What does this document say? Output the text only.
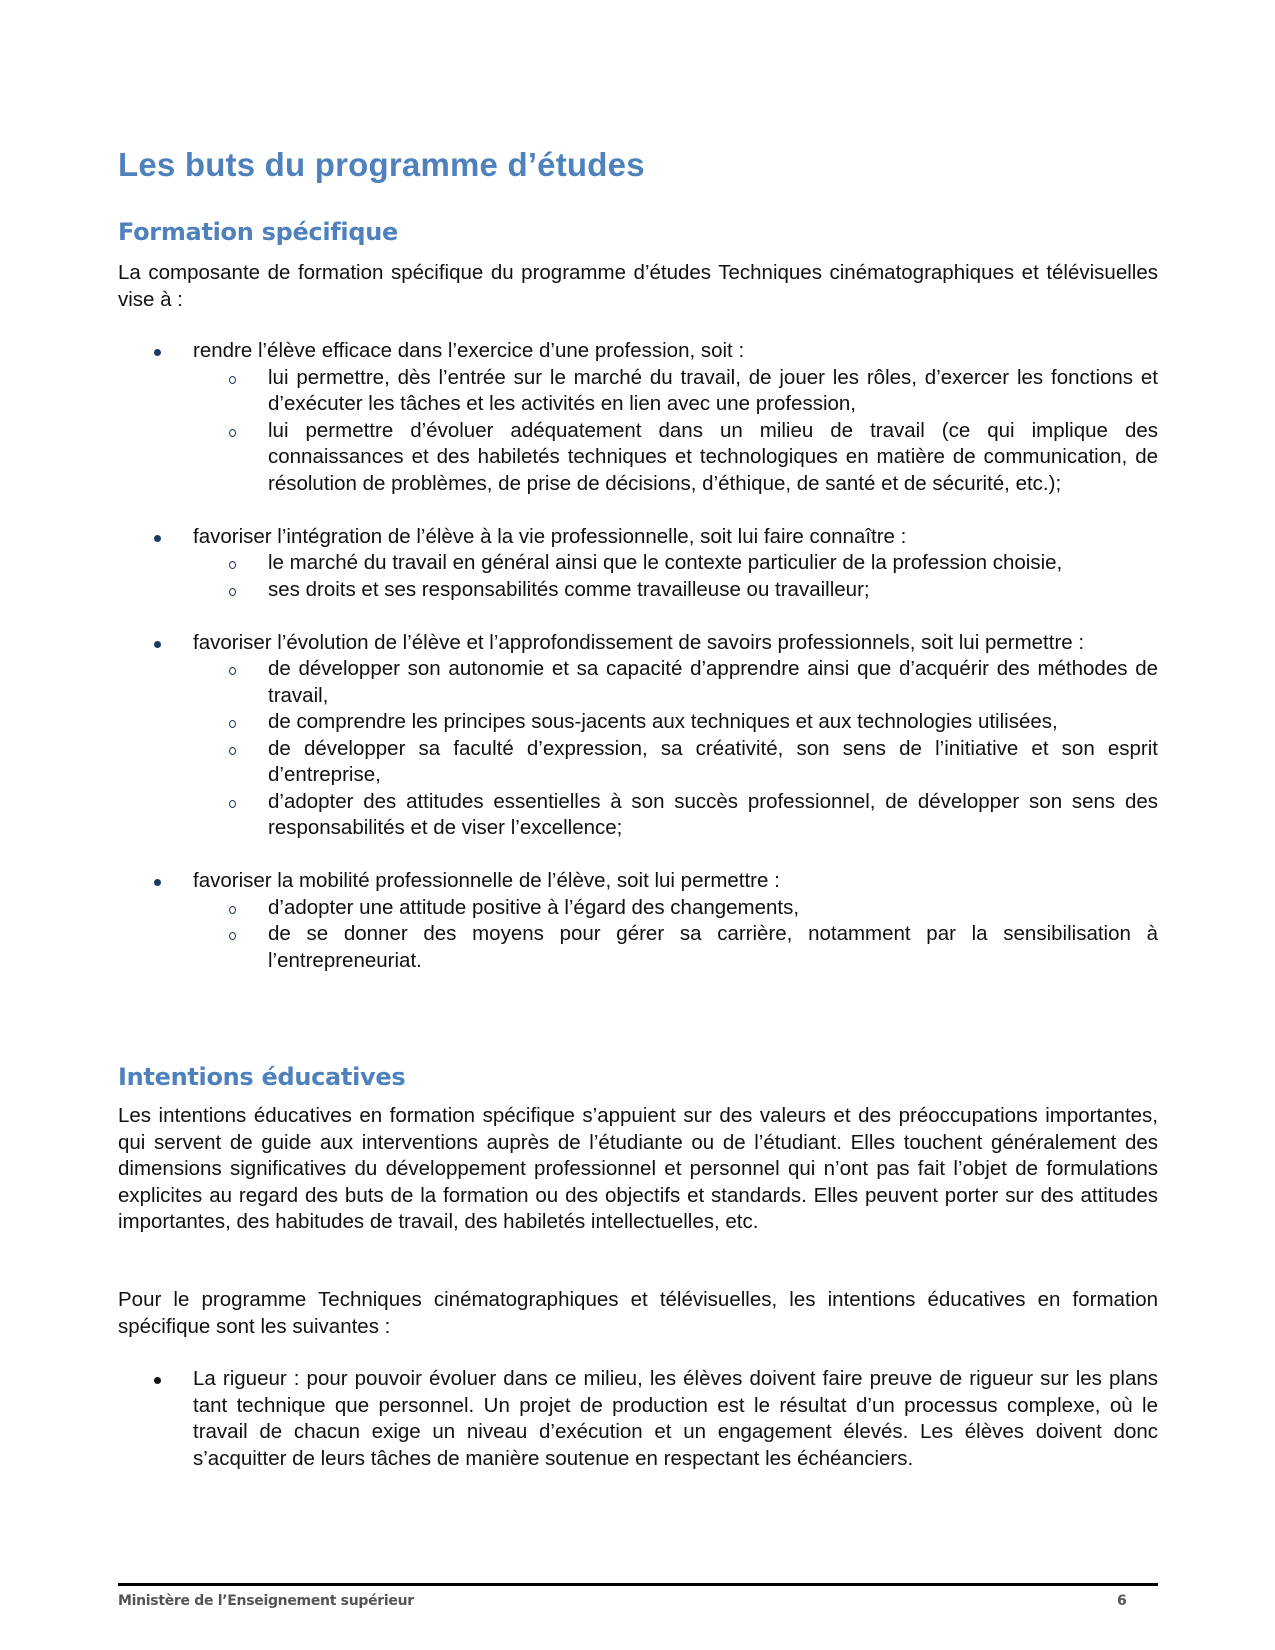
Les buts du programme d’études
Formation spécifique

La composante de formation spécifique du programme d’études Techniques cinématographiques et télévisuelles vise à :

rendre l’élève efficace dans l’exercice d’une profession, soit :
lui permettre, dès l’entrée sur le marché du travail, de jouer les rôles, d’exercer les fonctions et d’exécuter les tâches et les activités en lien avec une profession,
lui permettre d’évoluer adéquatement dans un milieu de travail (ce qui implique des connaissances et des habiletés techniques et technologiques en matière de communication, de résolution de problèmes, de prise de décisions, d’éthique, de santé et de sécurité, etc.);
favoriser l’intégration de l’élève à la vie professionnelle, soit lui faire connaître :
le marché du travail en général ainsi que le contexte particulier de la profession choisie,
ses droits et ses responsabilités comme travailleuse ou travailleur;
favoriser l’évolution de l’élève et l’approfondissement de savoirs professionnels, soit lui permettre :
de développer son autonomie et sa capacité d’apprendre ainsi que d’acquérir des méthodes de travail,
de comprendre les principes sous-jacents aux techniques et aux technologies utilisées,
de développer sa faculté d’expression, sa créativité, son sens de l’initiative et son esprit d’entreprise,
d’adopter des attitudes essentielles à son succès professionnel, de développer son sens des responsabilités et de viser l’excellence;
favoriser la mobilité professionnelle de l’élève, soit lui permettre :
d’adopter une attitude positive à l’égard des changements,
de se donner des moyens pour gérer sa carrière, notamment par la sensibilisation à l’entrepreneuriat.
Intentions éducatives

Les intentions éducatives en formation spécifique s’appuient sur des valeurs et des préoccupations importantes, qui servent de guide aux interventions auprès de l’étudiante ou de l’étudiant. Elles touchent généralement des dimensions significatives du développement professionnel et personnel qui n’ont pas fait l’objet de formulations explicites au regard des buts de la formation ou des objectifs et standards. Elles peuvent porter sur des attitudes importantes, des habitudes de travail, des habiletés intellectuelles, etc.

Pour le programme Techniques cinématographiques et télévisuelles, les intentions éducatives en formation spécifique sont les suivantes :

La rigueur : pour pouvoir évoluer dans ce milieu, les élèves doivent faire preuve de rigueur sur les plans tant technique que personnel. Un projet de production est le résultat d’un processus complexe, où le travail de chacun exige un niveau d’exécution et un engagement élevés. Les élèves doivent donc s’acquitter de leurs tâches de manière soutenue en respectant les échéanciers.
Ministère de l’Enseignement supérieur	6
